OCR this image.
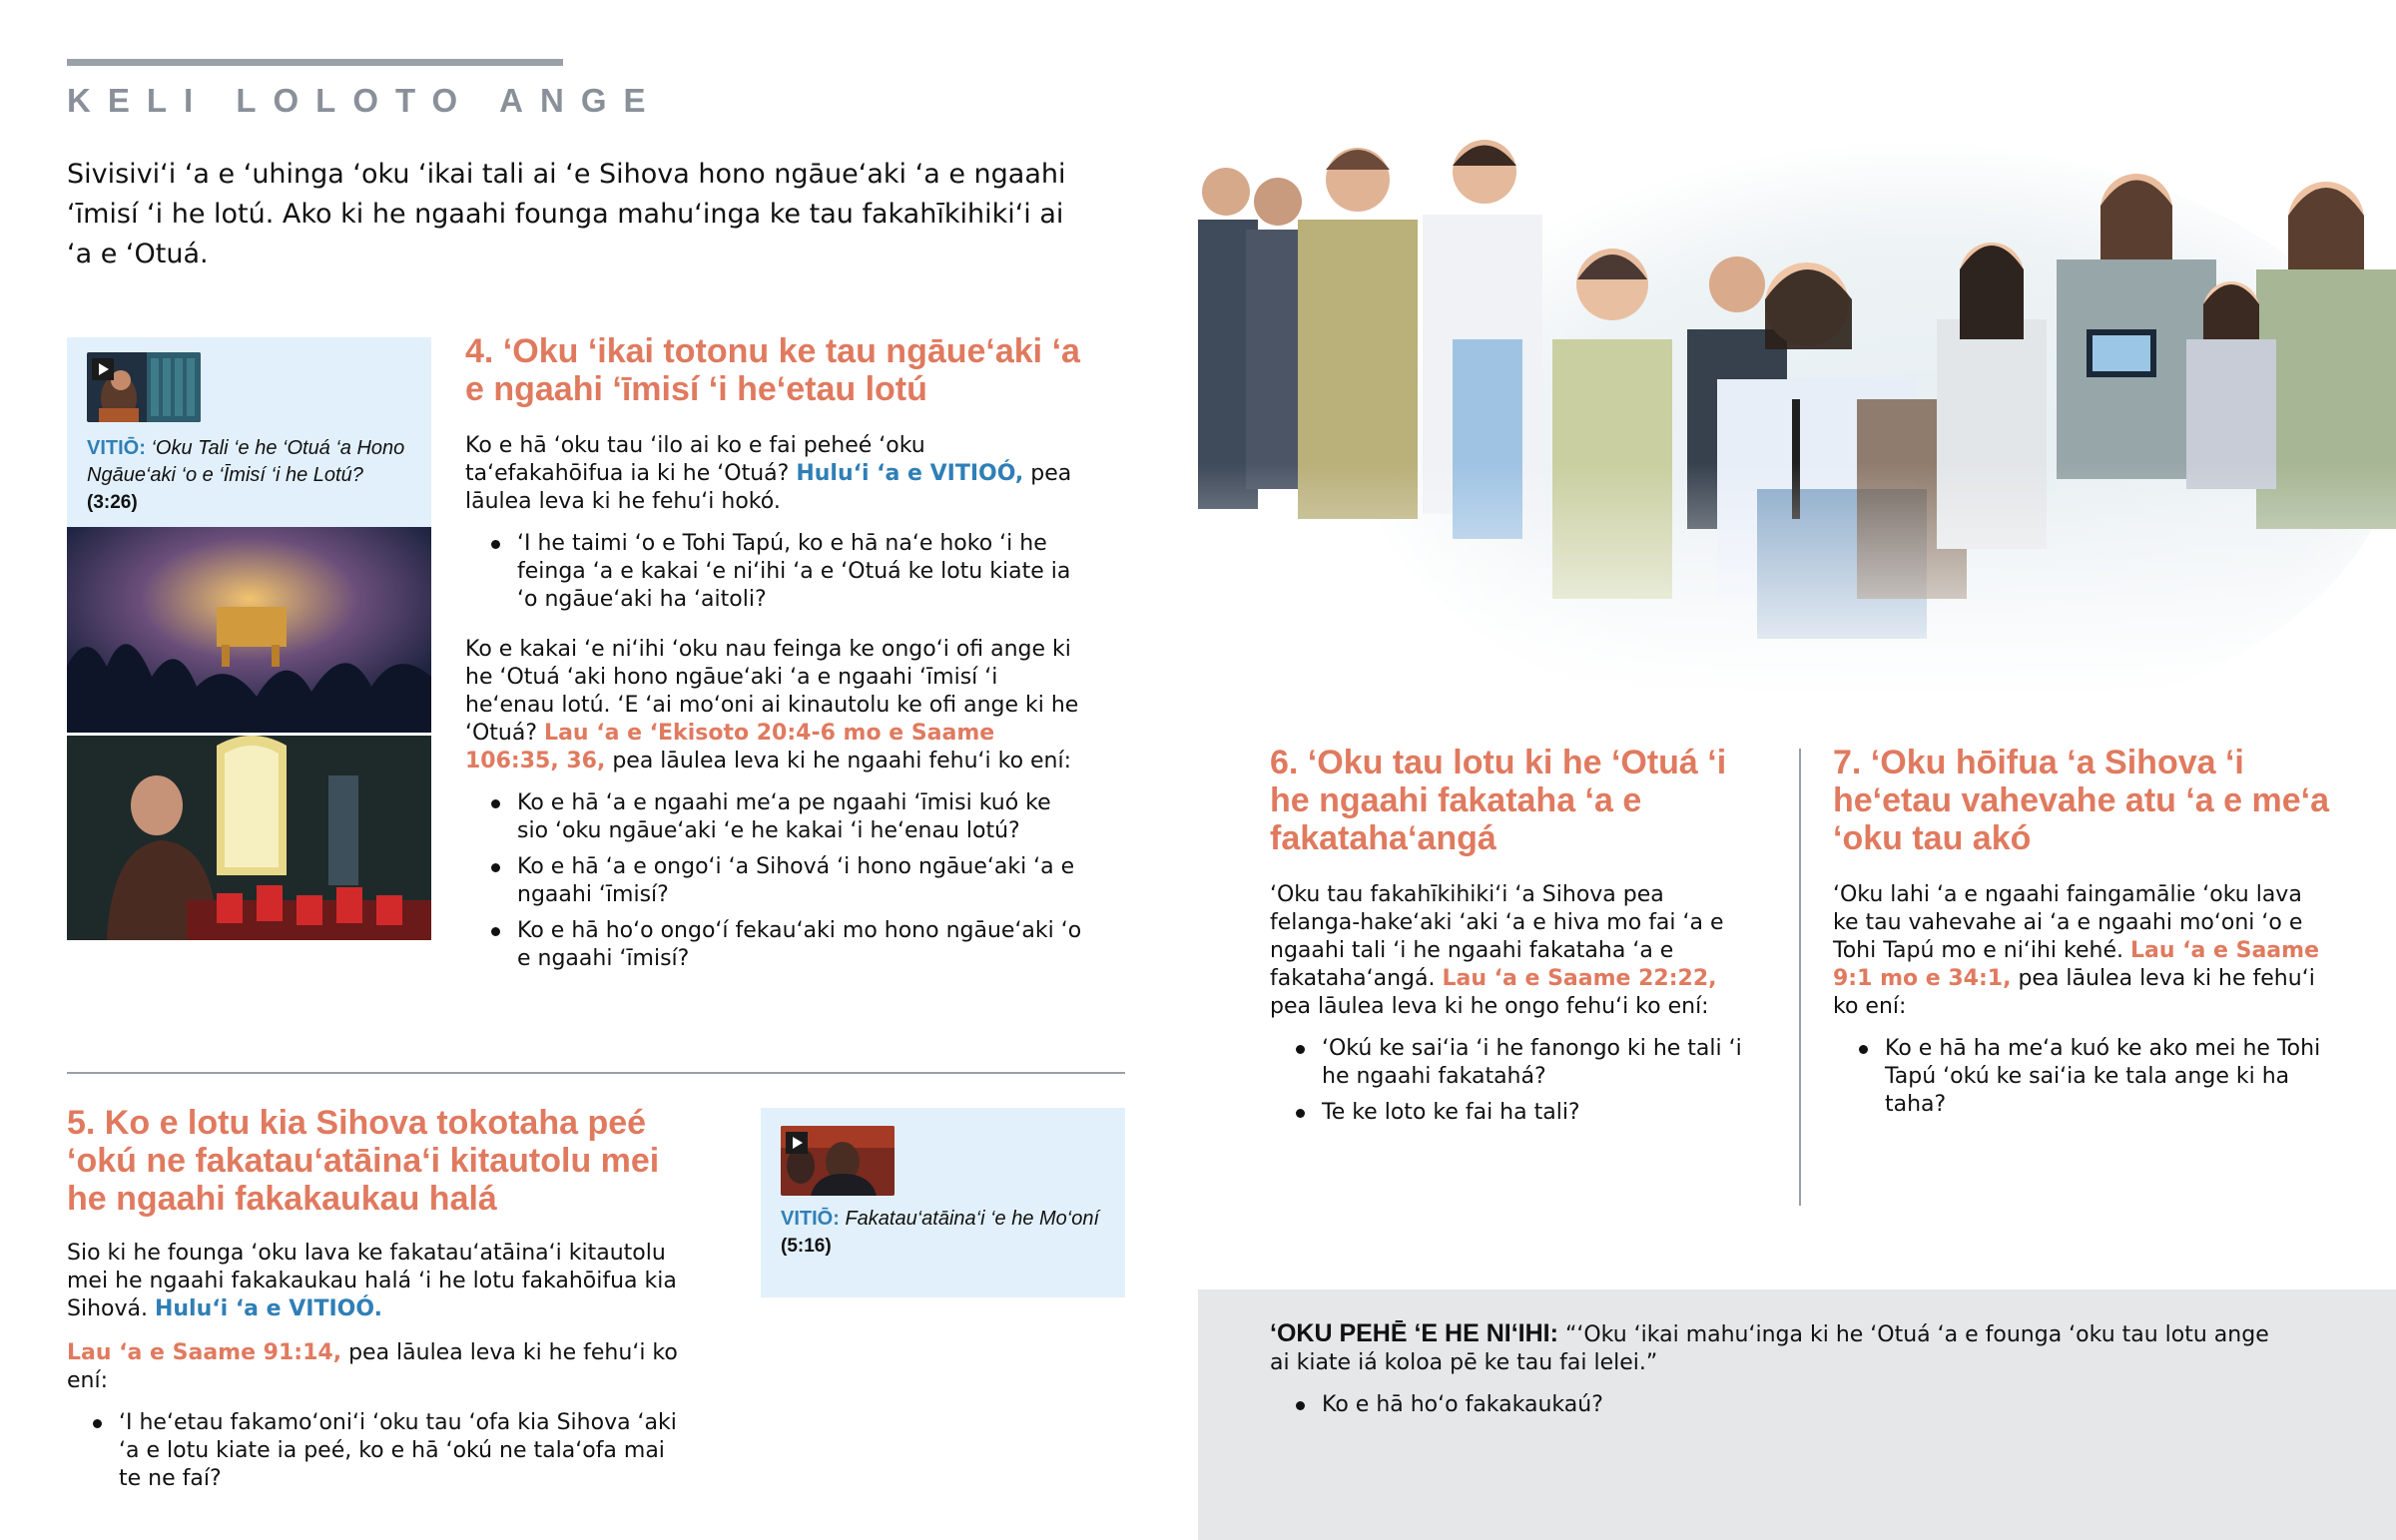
KELI LOLOTO ANGE
Sivisivi‘i ‘a e ‘uhinga ‘oku ‘ikai tali ai ‘e Sihova hono ngāue‘aki ‘a e ngaahi ‘īmisí ‘i he lotú. Ako ki he ngaahi founga mahu‘inga ke tau fakahīkihiki‘i ai ‘a e ‘Otuá.
VITIŌ: ‘Oku Tali ‘e he ‘Otuá ‘a Hono Ngāue‘aki ‘o e ‘Īmisí ‘i he Lotú?
(3:26)
4. ‘Oku ‘ikai totonu ke tau ngāue‘aki ‘a e ngaahi ‘īmisí ‘i he‘etau lotú

Ko e hā ‘oku tau ‘ilo ai ko e fai peheé ‘oku ta‘efakahōifua ia ki he ‘Otuá? Hulu‘i ‘a e VITIOÓ, pea lāulea leva ki he fehu‘i hokó.

‘I he taimi ‘o e Tohi Tapú, ko e hā na‘e hoko ‘i he feinga ‘a e kakai ‘e ni‘ihi ‘a e ‘Otuá ke lotu kiate ia ‘o ngāue‘aki ha ‘aitoli?

Ko e kakai ‘e ni‘ihi ‘oku nau feinga ke ongo‘i ofi ange ki he ‘Otuá ‘aki hono ngāue‘aki ‘a e ngaahi ‘īmisí ‘i he‘enau lotú. ‘E ‘ai mo‘oni ai kinautolu ke ofi ange ki he ‘Otuá? Lau ‘a e ‘Ekisoto 20:4-6 mo e Saame 106:35, 36, pea lāulea leva ki he ngaahi fehu‘i ko ení:

Ko e hā ‘a e ngaahi me‘a pe ngaahi ‘īmisi kuó ke sio ‘oku ngāue‘aki ‘e he kakai ‘i he‘enau lotú?
Ko e hā ‘a e ongo‘i ‘a Sihová ‘i hono ngāue‘aki ‘a e ngaahi ‘īmisí?
Ko e hā ho‘o ongo‘í fekau‘aki mo hono ngāue‘aki ‘o e ngaahi ‘īmisí?
5. Ko e lotu kia Sihova tokotaha peé ‘okú ne fakatau‘atāina‘i kitautolu mei he ngaahi fakakaukau halá

Sio ki he founga ‘oku lava ke fakatau‘atāina‘i kitautolu mei he ngaahi fakakaukau halá ‘i he lotu fakahōifua kia Sihová. Hulu‘i ‘a e VITIOÓ.

Lau ‘a e Saame 91:14, pea lāulea leva ki he fehu‘i ko ení:

‘I he‘etau fakamo‘oni‘i ‘oku tau ‘ofa kia Sihova ‘aki ‘a e lotu kiate ia peé, ko e hā ‘okú ne tala‘ofa mai te ne faí?
VITIŌ: Fakatau‘atāina‘i ‘e he Mo‘oní
(5:16)
6. ‘Oku tau lotu ki he ‘Otuá ‘i he ngaahi fakataha ‘a e fakataha‘angá

‘Oku tau fakahīkihiki‘i ‘a Sihova pea felanga-hake‘aki ‘aki ‘a e hiva mo fai ‘a e ngaahi tali ‘i he ngaahi fakataha ‘a e fakataha‘angá. Lau ‘a e Saame 22:22, pea lāulea leva ki he ongo fehu‘i ko ení:

‘Okú ke sai‘ia ‘i he fanongo ki he tali ‘i he ngaahi fakatahá?
Te ke loto ke fai ha tali?
7. ‘Oku hōifua ‘a Sihova ‘i he‘etau vahevahe atu ‘a e me‘a ‘oku tau akó

‘Oku lahi ‘a e ngaahi faingamālie ‘oku lava ke tau vahevahe ai ‘a e ngaahi mo‘oni ‘o e Tohi Tapú mo e ni‘ihi kehé. Lau ‘a e Saame 9:1 mo e 34:1, pea lāulea leva ki he fehu‘i ko ení:

Ko e hā ha me‘a kuó ke ako mei he Tohi Tapú ‘okú ke sai‘ia ke tala ange ki ha taha?

‘OKU PEHĒ ‘E HE NI‘IHI: “‘Oku ‘ikai mahu‘inga ki he ‘Otuá ‘a e founga ‘oku tau lotu ange ai kiate iá koloa pē ke tau fai lelei.”

Ko e hā ho‘o fakakaukaú?
